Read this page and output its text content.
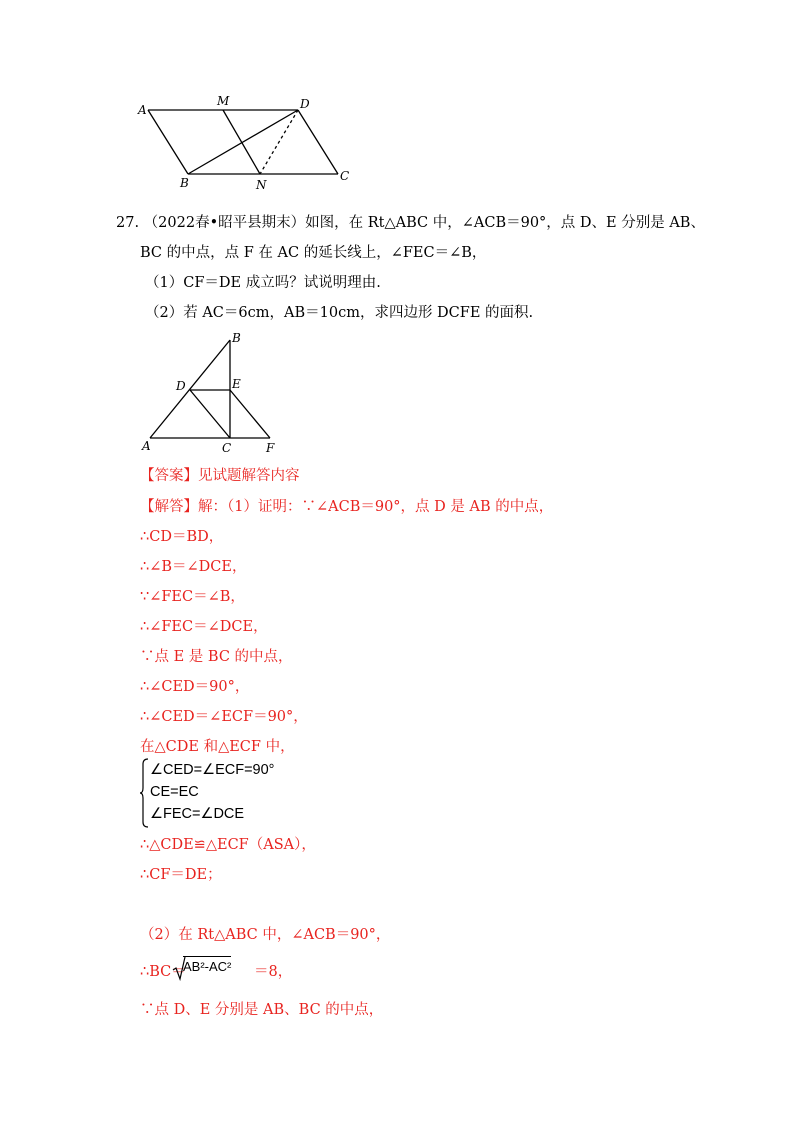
A
M	D
B	N
C
27. （2022春•昭平县期末）如图，在 Rt△ABC 中，∠ACB＝90°，点 D、E 分别是 AB、
BC 的中点，点 F 在 AC 的延长线上，∠FEC＝∠B，
（1）CF＝DE 成立吗？试说明理由.
（2）若 AC＝6cm，AB＝10cm，求四边形 DCFE 的面积.
B
D	E
A	C	F
【答案】见试题解答内容
【解答】解：（1）证明：∵∠ACB＝90°，点 D 是 AB 的中点，
∴CD＝BD，
∴∠B＝∠DCE，
∵∠FEC＝∠B，
∴∠FEC＝∠DCE，
∵点 E 是 BC 的中点，
∴∠CED＝90°，
∴∠CED＝∠ECF＝90°，
在△CDE 和△ECF 中，
∠CED=∠ECF=90°
CE=EC
∠FEC=∠DCE
∴△CDE≌△ECF（ASA），
∴CF＝DE；
（2）在 Rt△ABC 中，∠ACB＝90°，
∴BC＝
AB²-AC² ＝8，
∵点 D、E 分别是 AB、BC 的中点，
